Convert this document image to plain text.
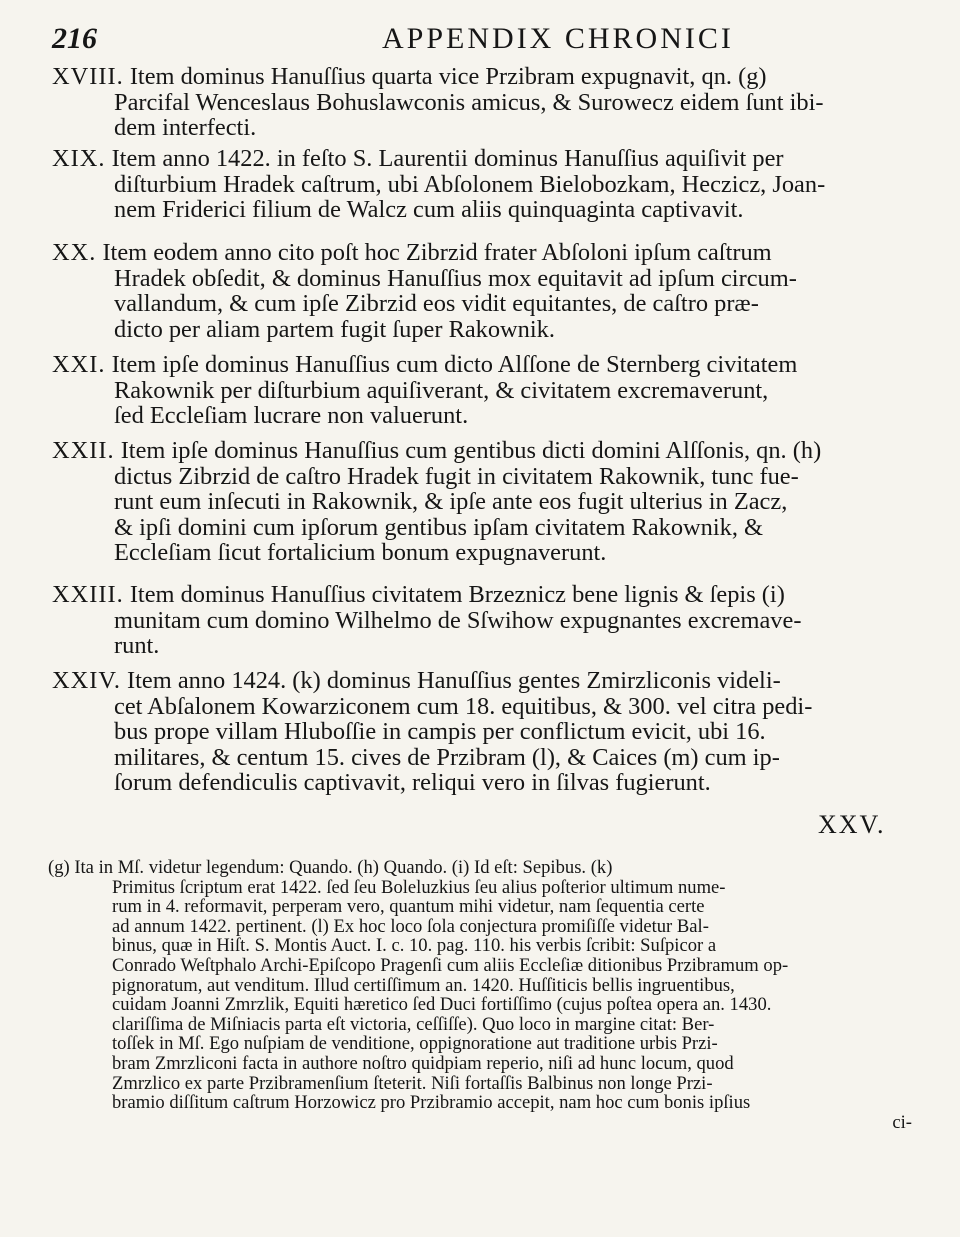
216	APPENDIX CHRONICI
XVIII. Item dominus Hanuſſius quarta vice Przibram expugnavit, qn. (g)
Parcifal Wenceslaus Bohuslawconis amicus, & Surowecz eidem ſunt ibi-
dem interfecti.
XIX. Item anno 1422. in feſto S. Laurentii dominus Hanuſſius aquiſivit per
diſturbium Hradek caſtrum, ubi Abſolonem Bielobozkam, Heczicz, Joan-
nem Friderici filium de Walcz cum aliis quinquaginta captivavit.
XX. Item eodem anno cito poſt hoc Zibrzid frater Abſoloni ipſum caſtrum
Hradek obſedit, & dominus Hanuſſius mox equitavit ad ipſum circum-
vallandum, & cum ipſe Zibrzid eos vidit equitantes, de caſtro præ-
dicto per aliam partem fugit ſuper Rakownik.
XXI. Item ipſe dominus Hanuſſius cum dicto Alſſone de Sternberg civitatem
Rakownik per diſturbium aquiſiverant, & civitatem excremaverunt,
ſed Eccleſiam lucrare non valuerunt.
XXII. Item ipſe dominus Hanuſſius cum gentibus dicti domini Alſſonis, qn. (h)
dictus Zibrzid de caſtro Hradek fugit in civitatem Rakownik, tunc fue-
runt eum inſecuti in Rakownik, & ipſe ante eos fugit ulterius in Zacz,
& ipſi domini cum ipſorum gentibus ipſam civitatem Rakownik, &
Eccleſiam ſicut fortalicium bonum expugnaverunt.
XXIII. Item dominus Hanuſſius civitatem Brzeznicz bene lignis & ſepis (i)
munitam cum domino Wilhelmo de Sſwihow expugnantes excremave-
runt.
XXIV. Item anno 1424. (k) dominus Hanuſſius gentes Zmirzliconis videli-
cet Abſalonem Kowarziconem cum 18. equitibus, & 300. vel citra pedi-
bus prope villam Hluboſſie in campis per conflictum evicit, ubi 16.
militares, & centum 15. cives de Przibram (l), & Caices (m) cum ip-
ſorum defendiculis captivavit, reliqui vero in ſilvas fugierunt.
XXV.
(g) Ita in Mſ. videtur legendum: Quando. (h) Quando. (i) Id eſt: Sepibus. (k)
Primitus ſcriptum erat 1422. ſed ſeu Boleluzkius ſeu alius poſterior ultimum nume-
rum in 4. reformavit, perperam vero, quantum mihi videtur, nam ſequentia certe
ad annum 1422. pertinent. (l) Ex hoc loco ſola conjectura promiſiſſe videtur Bal-
binus, quæ in Hiſt. S. Montis Auct. I. c. 10. pag. 110. his verbis ſcribit: Suſpicor a
Conrado Weſtphalo Archi-Epiſcopo Pragenſi cum aliis Eccleſiæ ditionibus Przibramum op-
pignoratum, aut venditum. Illud certiſſimum an. 1420. Huſſiticis bellis ingruentibus,
cuidam Joanni Zmrzlik, Equiti hæretico ſed Duci fortiſſimo (cujus poſtea opera an. 1430.
clariſſima de Miſniacis parta eſt victoria, ceſſiſſe). Quo loco in margine citat: Ber-
toſſek in Mſ. Ego nuſpiam de venditione, oppignoratione aut traditione urbis Przi-
bram Zmrzliconi facta in authore noſtro quidpiam reperio, niſi ad hunc locum, quod
Zmrzlico ex parte Przibramenſium ſteterit. Niſi fortaſſis Balbinus non longe Przi-
bramio diſſitum caſtrum Horzowicz pro Przibramio accepit, nam hoc cum bonis ipſius
ci-
